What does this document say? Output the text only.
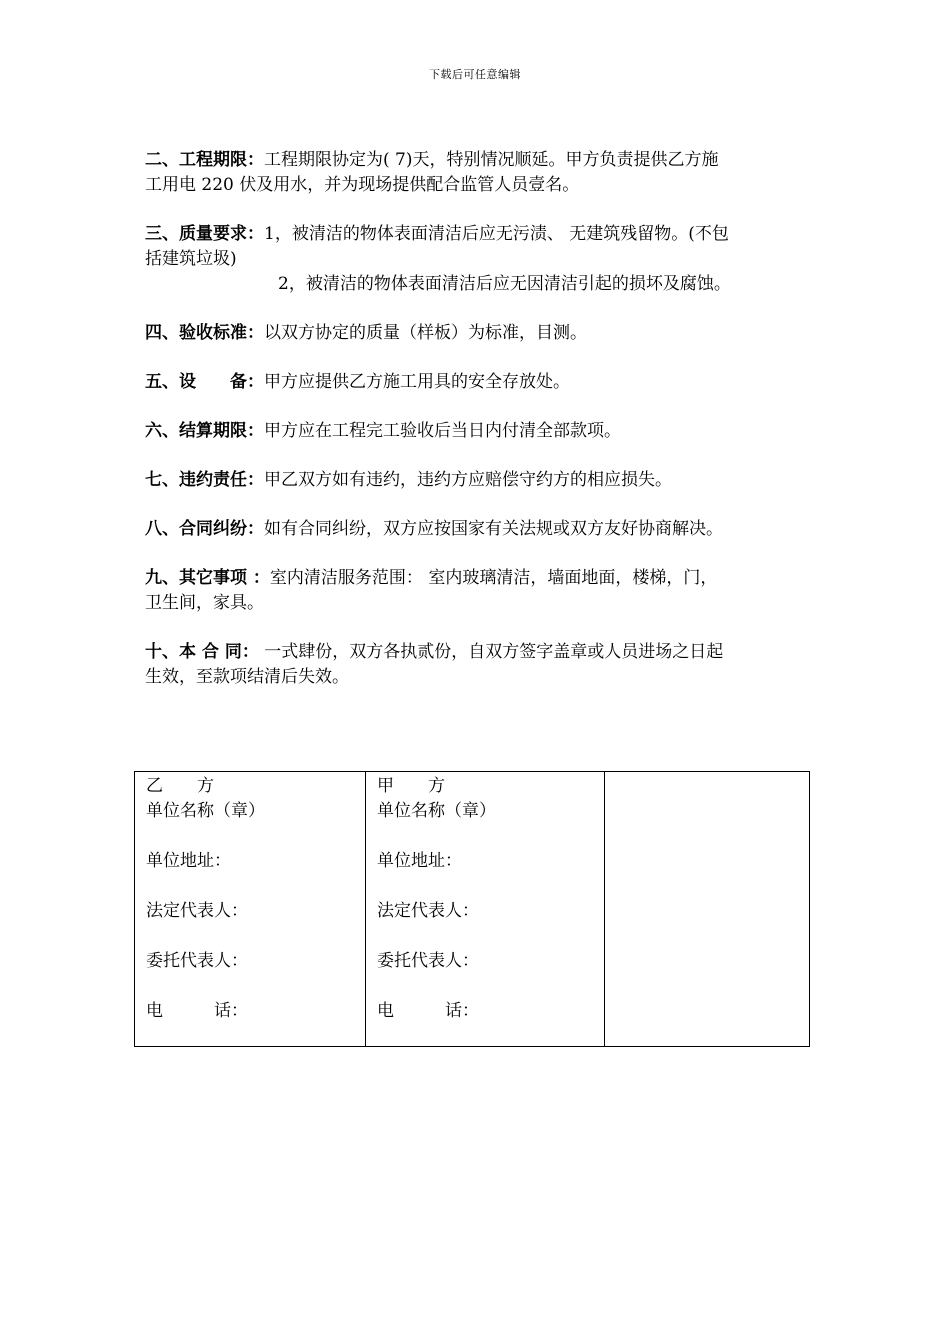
下载后可任意编辑

二、工程期限：工程期限协定为( 7)天，特别情况顺延。甲方负责提供乙方施

工用电 220 伏及用水，并为现场提供配合监管人员壹名。

三、质量要求：1，被清洁的物体表面清洁后应无污渍、 无建筑残留物。(不包

括建筑垃圾)

2，被清洁的物体表面清洁后应无因清洁引起的损坏及腐蚀。

四、验收标准：以双方协定的质量（样板）为标准，目测。

五、设　　备：甲方应提供乙方施工用具的安全存放处。

六、结算期限：甲方应在工程完工验收后当日内付清全部款项。

七、违约责任：甲乙双方如有违约，违约方应赔偿守约方的相应损失。

八、合同纠纷：如有合同纠纷，双方应按国家有关法规或双方友好协商解决。

九、其它事项 ：室内清洁服务范围： 室内玻璃清洁，墙面地面，楼梯，门，

卫生间，家具。

十、本 合 同： 一式肆份，双方各执贰份，自双方签字盖章或人员进场之日起

生效，至款项结清后失效。

乙　　方
单位名称（章）
单位地址：
法定代表人：
委托代表人：
电　　　话：

甲　　方
单位名称（章）
单位地址：
法定代表人：
委托代表人：
电　　　话：
